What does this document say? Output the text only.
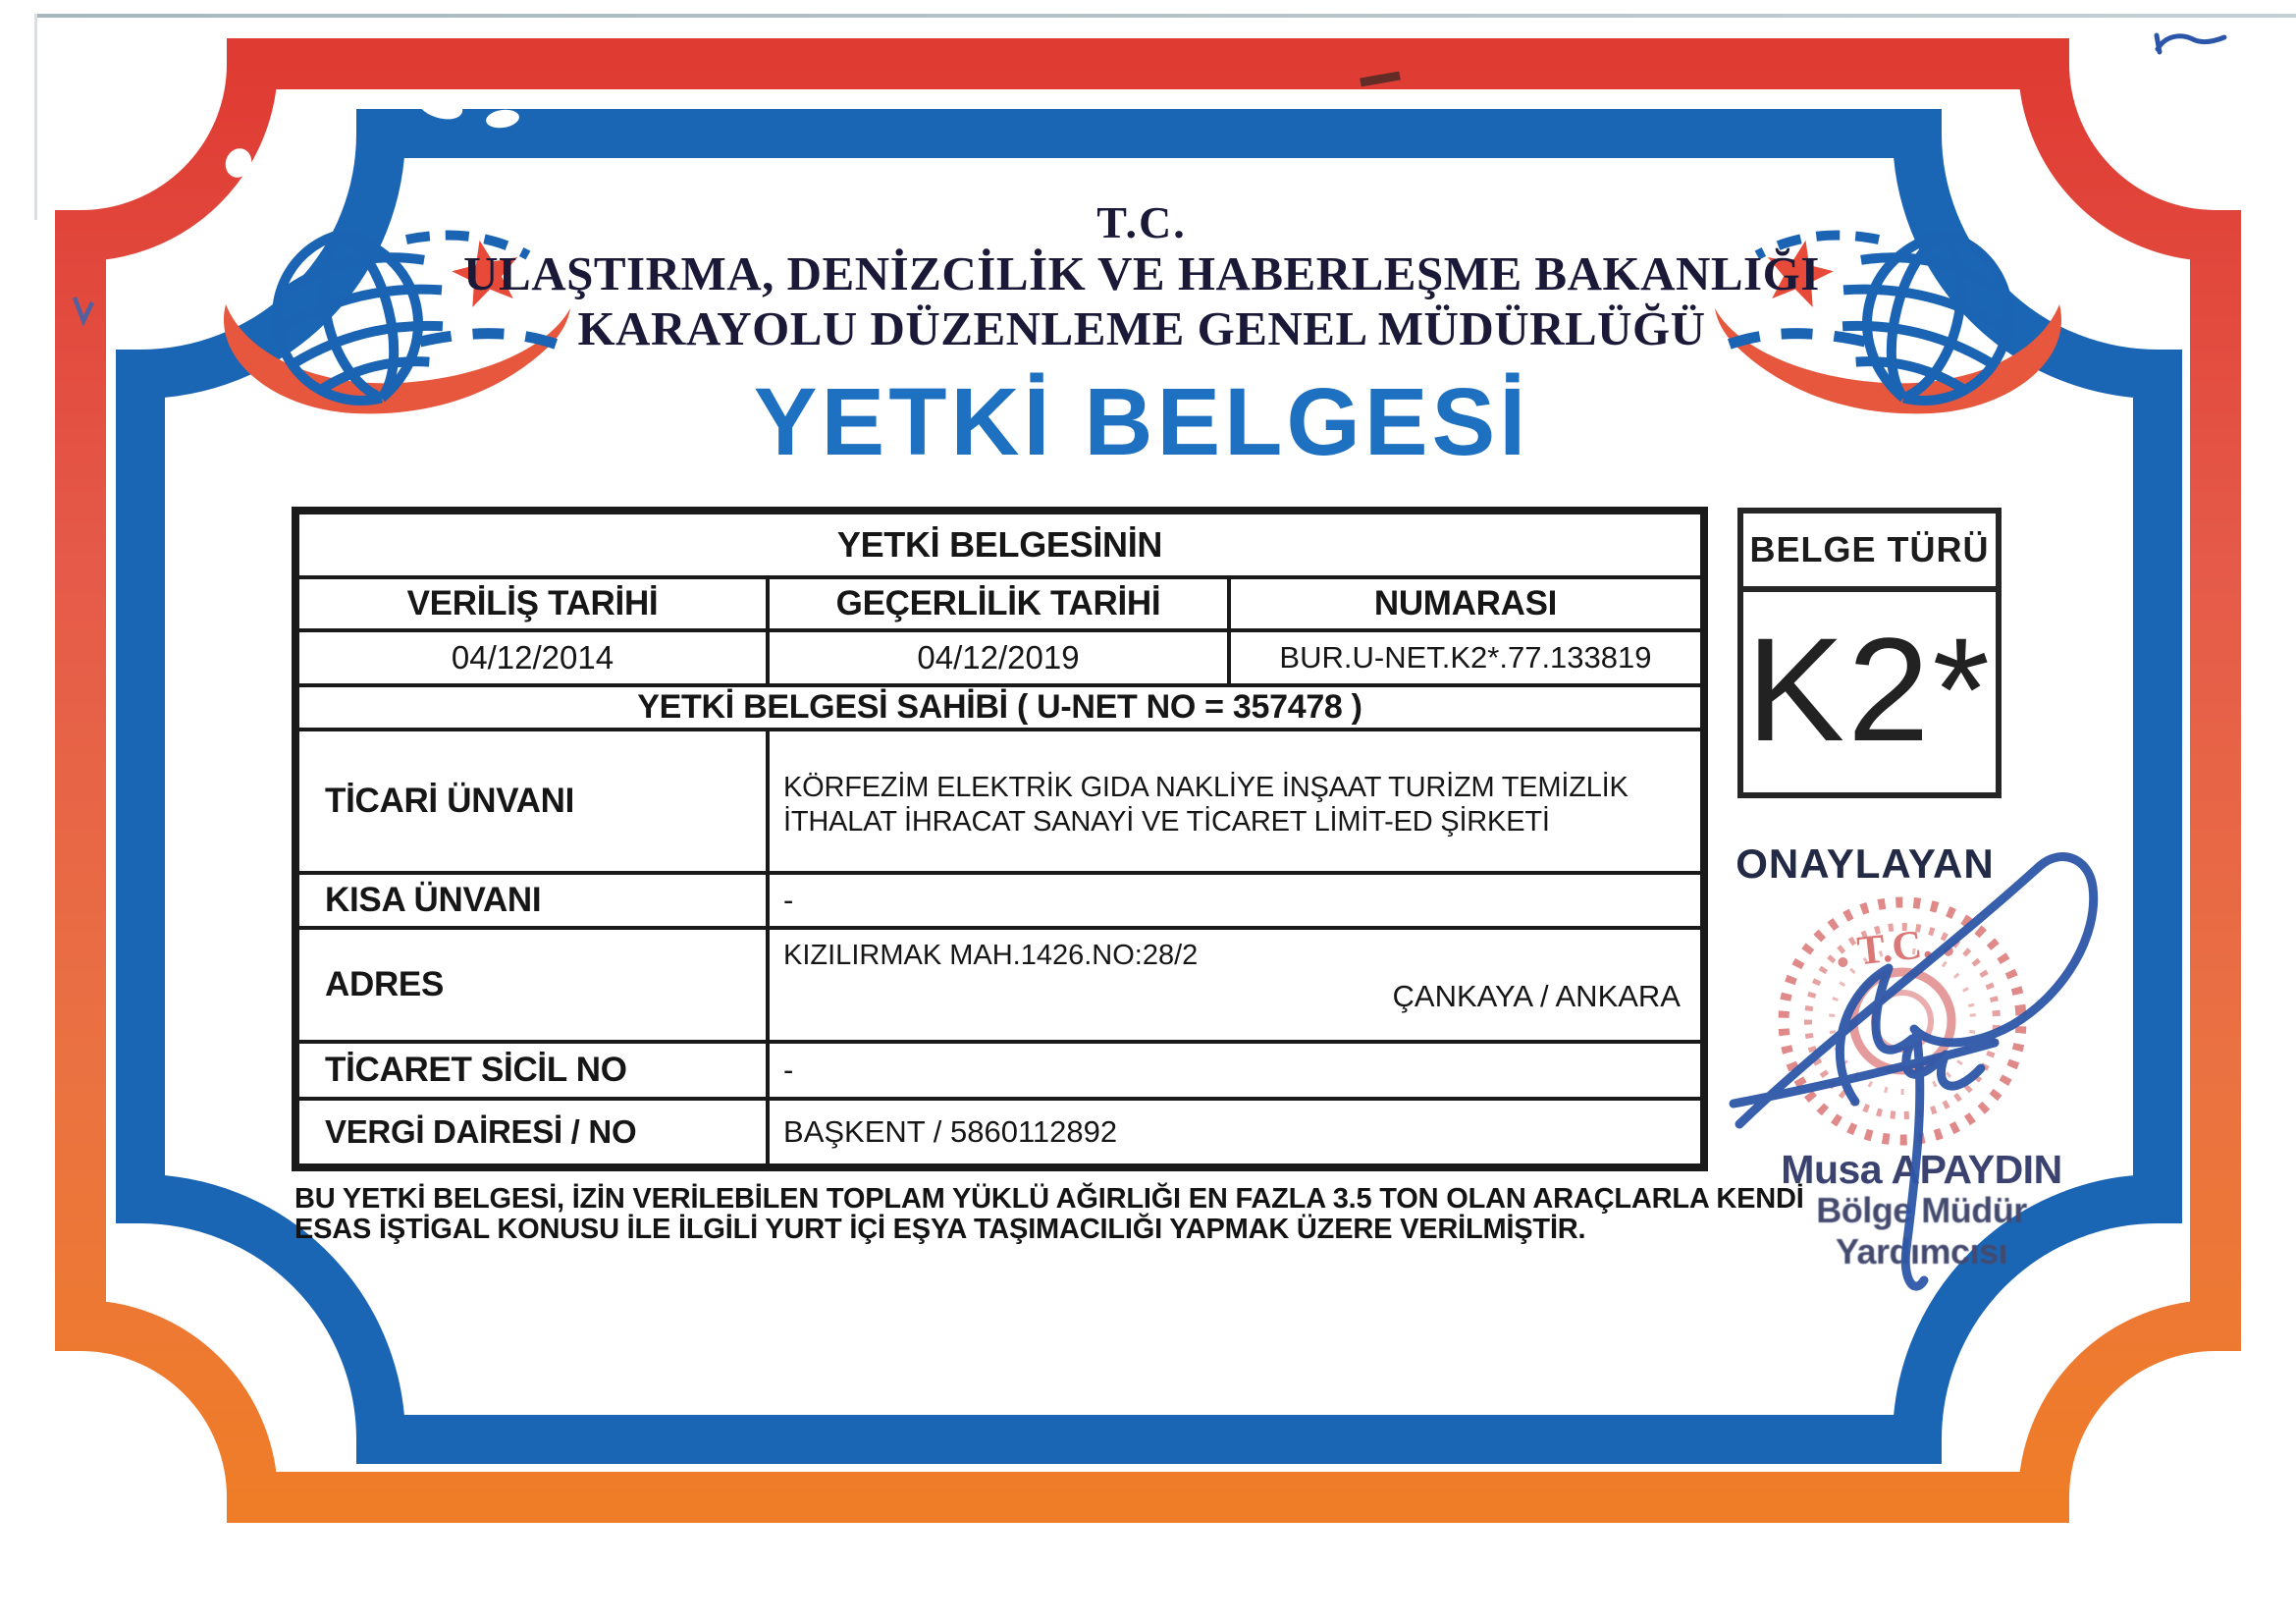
T.C.
ULAŞTIRMA, DENİZCİLİK VE HABERLEŞME BAKANLIĞI
KARAYOLU DÜZENLEME GENEL MÜDÜRLÜĞÜ
YETKİ BELGESİ
YETKİ BELGESİNİN		
VERİLİŞ TARİHİ	GEÇERLİLİK TARİHİ	NUMARASI
04/12/2014	04/12/2019	BUR.U-NET.K2*.77.133819
YETKİ BELGESİ SAHİBİ ( U-NET NO = 357478 )		
TİCARİ ÜNVANI	KÖRFEZİM ELEKTRİK GIDA NAKLİYE İNŞAAT TURİZM TEMİZLİK İTHALAT İHRACAT SANAYİ VE TİCARET LİMİT-ED ŞİRKETİ	
KISA ÜNVANI	-	
ADRES	KIZILIRMAK MAH.1426.NO:28/2
ÇANKAYA / ANKARA	

TİCARET SİCİL NO	-	
VERGİ DAİRESİ / NO	BAŞKENT / 5860112892	
BU YETKİ BELGESİ, İZİN VERİLEBİLEN TOPLAM YÜKLÜ AĞIRLIĞI EN FAZLA 3.5 TON OLAN ARAÇLARLA KENDİ
ESAS İŞTİGAL KONUSU İLE İLGİLİ YURT İÇİ EŞYA TAŞIMACILIĞI YAPMAK ÜZERE VERİLMİŞTİR.
BELGE TÜRÜ
K2*
ONAYLAYAN
Musa APAYDIN
Bölge Müdür Yardımcısı
T.C.
